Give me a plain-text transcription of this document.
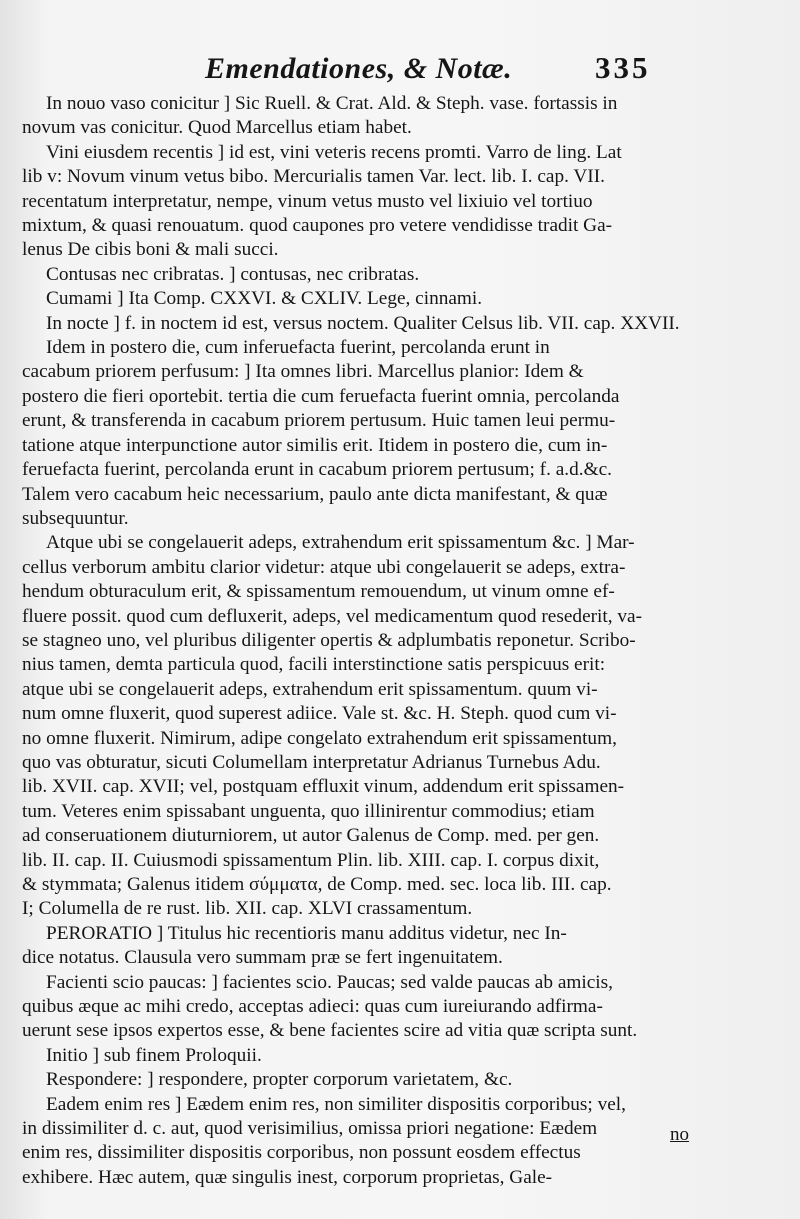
Emendationes, & Notæ.	335
In nouo vaso conicitur ] Sic Ruell. & Crat. Ald. & Steph. vase. fortassis in
novum vas conicitur. Quod Marcellus etiam habet.
Vini eiusdem recentis ] id est, vini veteris recens promti. Varro de ling. Lat
lib v: Novum vinum vetus bibo. Mercurialis tamen Var. lect. lib. I. cap. VII.
recentatum interpretatur, nempe, vinum vetus musto vel lixiuio vel tortiuo
mixtum, & quasi renouatum. quod caupones pro vetere vendidisse tradit Ga-
lenus De cibis boni & mali succi.
Contusas nec cribratas. ] contusas, nec cribratas.
Cumami ] Ita Comp. CXXVI. & CXLIV. Lege, cinnami.
In nocte ] f. in noctem id est, versus noctem. Qualiter Celsus lib. VII. cap. XXVII.
Idem in postero die, cum inferuefacta fuerint, percolanda erunt in
cacabum priorem perfusum: ] Ita omnes libri. Marcellus planior: Idem &
postero die fieri oportebit. tertia die cum feruefacta fuerint omnia, percolanda
erunt, & transferenda in cacabum priorem pertusum. Huic tamen leui permu-
tatione atque interpunctione autor similis erit. Itidem in postero die, cum in-
feruefacta fuerint, percolanda erunt in cacabum priorem pertusum; f. a.d.&c.
Talem vero cacabum heic necessarium, paulo ante dicta manifestant, & quæ
subsequuntur.
Atque ubi se congelauerit adeps, extrahendum erit spissamentum &c. ] Mar-
cellus verborum ambitu clarior videtur: atque ubi congelauerit se adeps, extra-
hendum obturaculum erit, & spissamentum remouendum, ut vinum omne ef-
fluere possit. quod cum defluxerit, adeps, vel medicamentum quod resederit, va-
se stagneo uno, vel pluribus diligenter opertis & adplumbatis reponetur. Scribo-
nius tamen, demta particula quod, facili interstinctione satis perspicuus erit:
atque ubi se congelauerit adeps, extrahendum erit spissamentum. quum vi-
num omne fluxerit, quod superest adiice. Vale st. &c. H. Steph. quod cum vi-
no omne fluxerit. Nimirum, adipe congelato extrahendum erit spissamentum,
quo vas obturatur, sicuti Columellam interpretatur Adrianus Turnebus Adu.
lib. XVII. cap. XVII; vel, postquam effluxit vinum, addendum erit spissamen-
tum. Veteres enim spissabant unguenta, quo illinirentur commodius; etiam
ad conseruationem diuturniorem, ut autor Galenus de Comp. med. per gen.
lib. II. cap. II. Cuiusmodi spissamentum Plin. lib. XIII. cap. I. corpus dixit,
& stymmata; Galenus itidem σύμματα, de Comp. med. sec. loca lib. III. cap.
I; Columella de re rust. lib. XII. cap. XLVI crassamentum.
PERORATIO ] Titulus hic recentioris manu additus videtur, nec In-
dice notatus. Clausula vero summam præ se fert ingenuitatem.
Facienti scio paucas: ] facientes scio. Paucas; sed valde paucas ab amicis,
quibus æque ac mihi credo, acceptas adieci: quas cum iureiurando adfirma-
uerunt sese ipsos expertos esse, & bene facientes scire ad vitia quæ scripta sunt.
Initio ] sub finem Proloquii.
Respondere: ] respondere, propter corporum varietatem, &c.
Eadem enim res ] Eædem enim res, non similiter dispositis corporibus; vel,
in dissimiliter d. c. aut, quod verisimilius, omissa priori negatione: Eædem
enim res, dissimiliter dispositis corporibus, non possunt eosdem effectus
exhibere. Hæc autem, quæ singulis inest, corporum proprietas, Gale-
no
